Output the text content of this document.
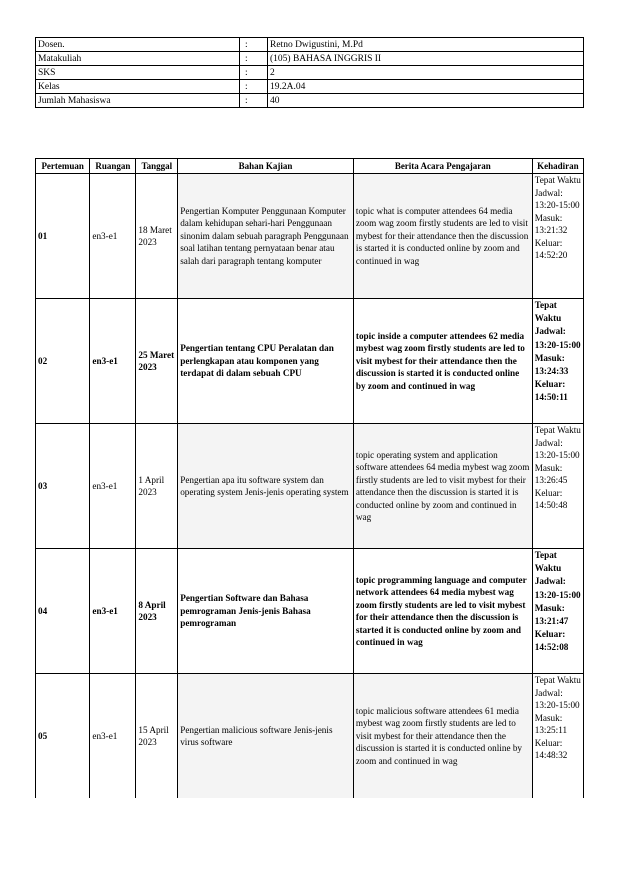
Dosen.	:	Retno Dwigustini, M.Pd
Matakuliah	:	(105) BAHASA INGGRIS II
SKS	:	2
Kelas	:	19.2A.04
Jumlah Mahasiswa	:	40
Pertemuan	Ruangan	Tanggal	Bahan Kajian	Berita Acara Pengajaran	Kehadiran
01	en3-e1	18 Maret 2023	Pengertian Komputer Penggunaan Komputer dalam kehidupan sehari-hari Penggunaan sinonim dalam sebuah paragraph Penggunaan soal latihan tentang pernyataan benar atau salah dari paragraph tentang komputer	topic what is computer attendees 64 media zoom wag zoom firstly students are led to visit mybest for their attendance then the discussion is started it is conducted online by zoom and continued in wag	Tepat Waktu Jadwal: 13:20-15:00 Masuk: 13:21:32 Keluar: 14:52:20
02	en3-e1	25 Maret 2023	Pengertian tentang CPU Peralatan dan perlengkapan atau komponen yang terdapat di dalam sebuah CPU	topic inside a computer attendees 62 media mybest wag zoom firstly students are led to visit mybest for their attendance then the discussion is started it is conducted online by zoom and continued in wag	Tepat Waktu Jadwal: 13:20-15:00 Masuk: 13:24:33 Keluar: 14:50:11
03	en3-e1	1 April 2023	Pengertian apa itu software system dan operating system Jenis-jenis operating system	topic operating system and application software attendees 64 media mybest wag zoom firstly students are led to visit mybest for their attendance then the discussion is started it is conducted online by zoom and continued in wag	Tepat Waktu Jadwal: 13:20-15:00 Masuk: 13:26:45 Keluar: 14:50:48
04	en3-e1	8 April 2023	Pengertian Software dan Bahasa pemrograman Jenis-jenis Bahasa pemrograman	topic programming language and computer network attendees 64 media mybest wag zoom firstly students are led to visit mybest for their attendance then the discussion is started it is conducted online by zoom and continued in wag	Tepat Waktu Jadwal: 13:20-15:00 Masuk: 13:21:47 Keluar: 14:52:08
05	en3-e1	15 April 2023	Pengertian malicious software Jenis-jenis virus software	topic malicious software attendees 61 media mybest wag zoom firstly students are led to visit mybest for their attendance then the discussion is started it is conducted online by zoom and continued in wag	Tepat Waktu Jadwal: 13:20-15:00 Masuk: 13:25:11 Keluar: 14:48:32
